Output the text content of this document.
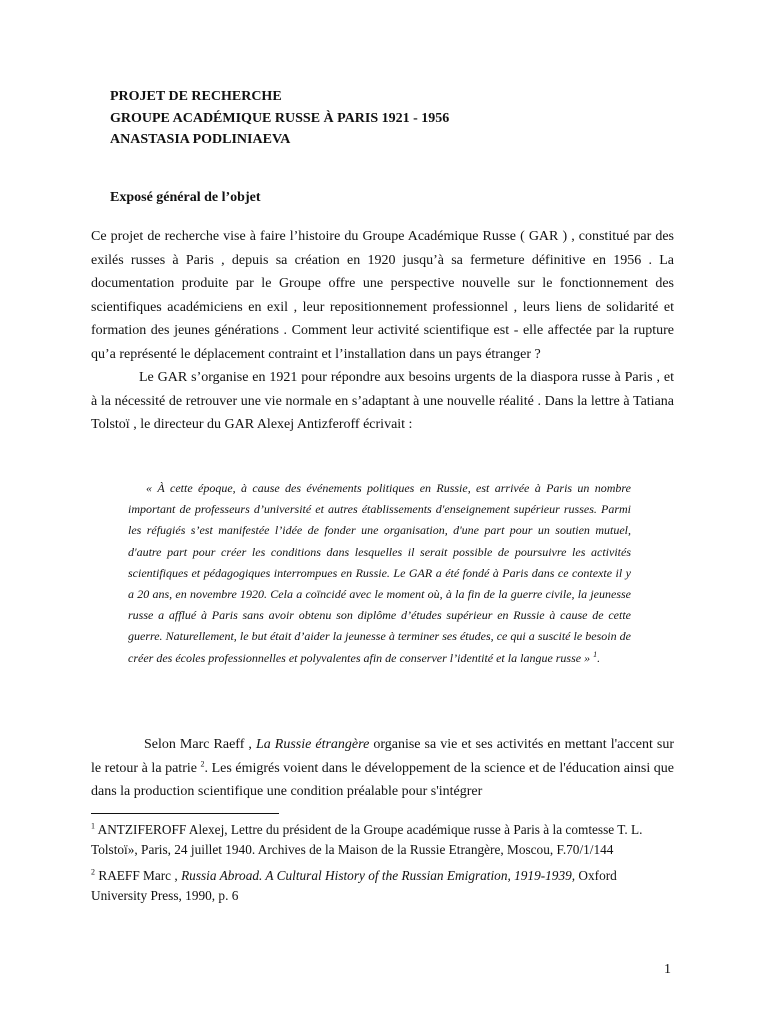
PROJET DE RECHERCHE
GROUPE ACADÉMIQUE RUSSE À PARIS 1921 - 1956
ANASTASIA PODLINIAEVA
Exposé général de l’objet
Ce projet de recherche vise à faire l’histoire du Groupe Académique Russe ( GAR ) , constitué par des exilés russes à Paris , depuis sa création en 1920 jusqu’à sa fermeture définitive en 1956 . La documentation produite par le Groupe offre une perspective nouvelle sur le fonctionnement des scientifiques académiciens en exil , leur repositionnement professionnel , leurs liens de solidarité et formation des jeunes générations . Comment leur activité scientifique est - elle affectée par la rupture qu’a représenté le déplacement contraint et l’installation dans un pays étranger ?
Le GAR s’organise en 1921 pour répondre aux besoins urgents de la diaspora russe à Paris , et à la nécessité de retrouver une vie normale en s’adaptant à une nouvelle réalité . Dans la lettre à Tatiana Tolstoï , le directeur du GAR Alexej Antizferoff écrivait :
« À cette époque, à cause des événements politiques en Russie, est arrivée à Paris un nombre important de professeurs d’université et autres établissements d'enseignement supérieur russes. Parmi les réfugiés s’est manifestée l’idée de fonder une organisation, d'une part pour un soutien mutuel, d'autre part pour créer les conditions dans lesquelles il serait possible de poursuivre les activités scientifiques et pédagogiques interrompues en Russie. Le GAR a été fondé à Paris dans ce contexte il y a 20 ans, en novembre 1920. Cela a coïncidé avec le moment où, à la fin de la guerre civile, la jeunesse russe a afflué à Paris sans avoir obtenu son diplôme d’études supérieur en Russie à cause de cette guerre. Naturellement, le but était d’aider la jeunesse à terminer ses études, ce qui a suscité le besoin de créer des écoles professionnelles et polyvalentes afin de conserver l’identité et la langue russe » $^1$.
Selon Marc Raeff , La Russie étrangère organise sa vie et ses activités en mettant l'accent sur le retour à la patrie $^2$. Les émigrés voient dans le développement de la science et de l'éducation ainsi que dans la production scientifique une condition préalable pour s'intégrer
$^1$ ANTZIFEROFF Alexej, Lettre du président de la Groupe académique russe à Paris à la comtesse T. L. Tolstoï», Paris, 24 juillet 1940. Archives de la Maison de la Russie Etrangère, Moscou, F.70/1/144
$^2$ RAEFF Marc , Russia Abroad. A Cultural History of the Russian Emigration, 1919-1939, Oxford University Press, 1990, p. 6
1
